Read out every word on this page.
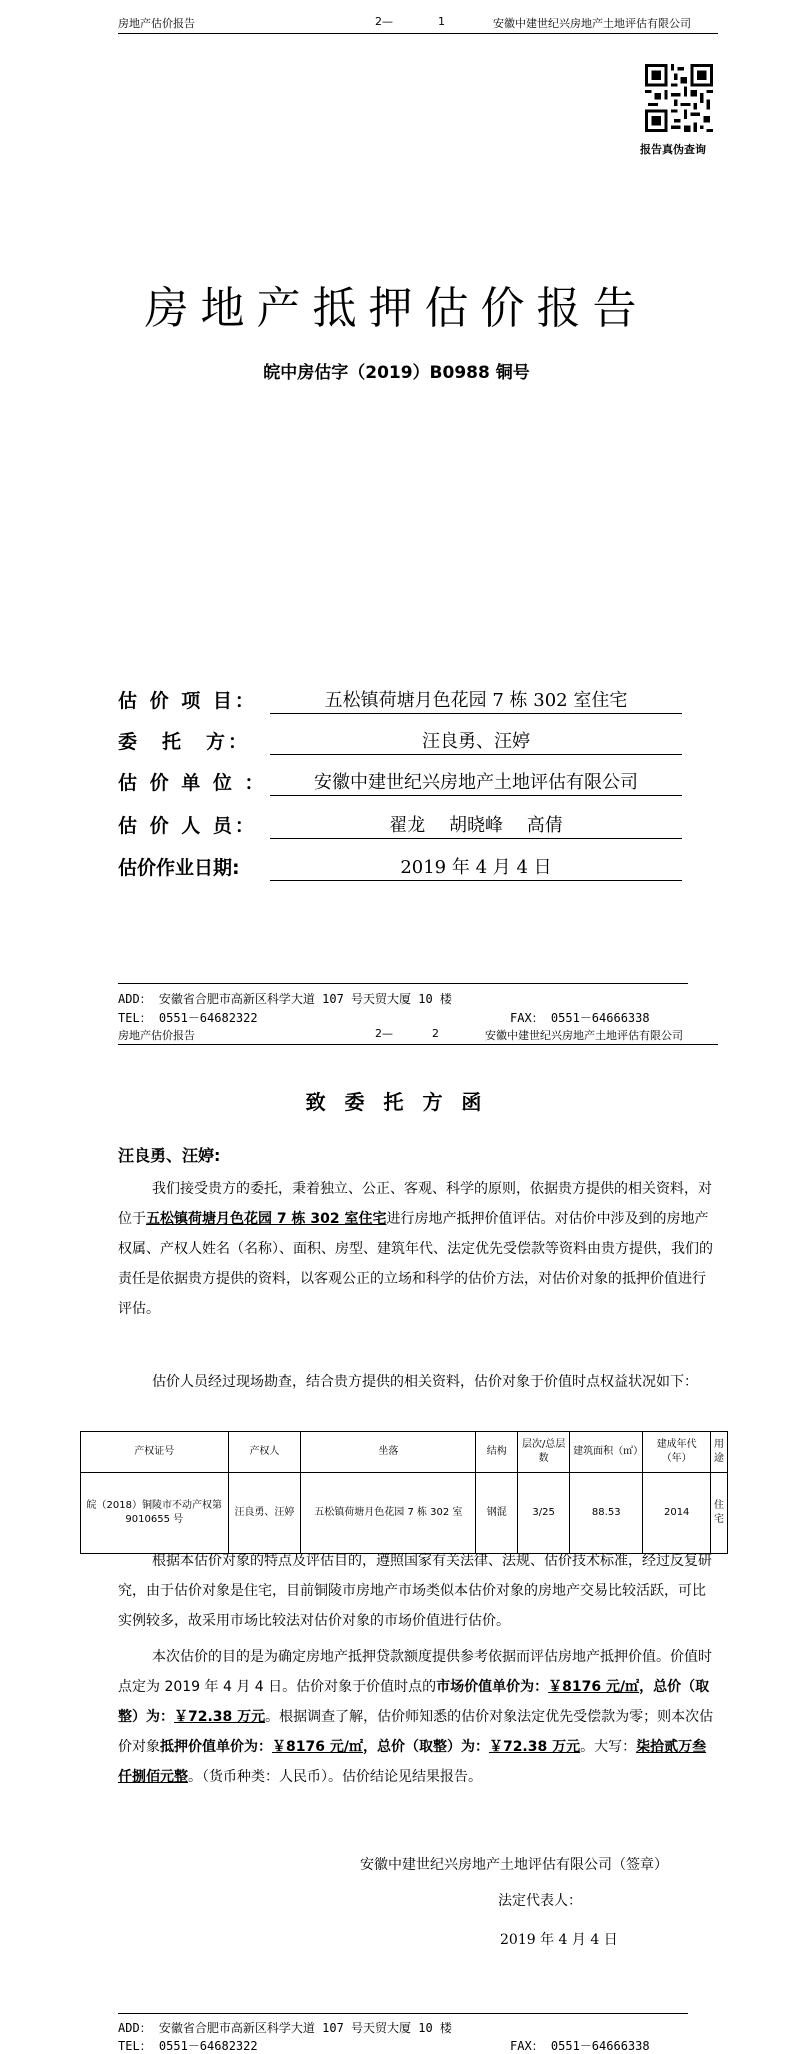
房地产估价报告	2—	1	安徽中建世纪兴房地产土地评估有限公司
报告真伪查询
房地产抵押估价报告
皖中房估字（2019）B0988 铜号
估 价 项 目：	五松镇荷塘月色花园 7 栋 302 室住宅
委　托　方：	汪良勇、汪婷
估 价 单 位 ：	安徽中建世纪兴房地产土地评估有限公司
估 价 人 员：	翟龙　 胡晓峰　 高倩
估价作业日期:	2019 年 4 月 4 日
ADD： 安徽省合肥市高新区科学大道 107 号天贸大厦 10 楼
TEL： 0551－64682322	FAX： 0551－64666338
房地产估价报告	2—	2	安徽中建世纪兴房地产土地评估有限公司
致 委 托 方 函
汪良勇、汪婷:
我们接受贵方的委托，秉着独立、公正、客观、科学的原则，依据贵方提供的相关资料，对位于五松镇荷塘月色花园 7 栋 302 室住宅进行房地产抵押价值评估。对估价中涉及到的房地产权属、产权人姓名（名称）、面积、房型、建筑年代、法定优先受偿款等资料由贵方提供，我们的责任是依据贵方提供的资料，以客观公正的立场和科学的估价方法，对估价对象的抵押价值进行评估。
估价人员经过现场勘查，结合贵方提供的相关资料，估价对象于价值时点权益状况如下：
产权证号	产权人	坐落	结构	层次/总层数	建筑面积（㎡）	建成年代（年）	用途
皖（2018）铜陵市不动产权第 9010655 号	汪良勇、汪婷	五松镇荷塘月色花园 7 栋 302 室	钢混	3/25	88.53	2014	住宅
根据本估价对象的特点及评估目的，遵照国家有关法律、法规、估价技术标准，经过反复研究，由于估价对象是住宅，目前铜陵市房地产市场类似本估价对象的房地产交易比较活跃，可比实例较多，故采用市场比较法对估价对象的市场价值进行估价。
本次估价的目的是为确定房地产抵押贷款额度提供参考依据而评估房地产抵押价值。价值时点定为 2019 年 4 月 4 日。估价对象于价值时点的市场价值单价为：￥8176 元/㎡，总价（取整）为：￥72.38 万元。根据调查了解，估价师知悉的估价对象法定优先受偿款为零；则本次估价对象抵押价值单价为：￥8176 元/㎡，总价（取整）为：￥72.38 万元。大写：柒拾贰万叁仟捌佰元整。（货币种类：人民币）。估价结论见结果报告。
安徽中建世纪兴房地产土地评估有限公司（签章）
法定代表人：
2019 年 4 月 4 日
ADD： 安徽省合肥市高新区科学大道 107 号天贸大厦 10 楼
TEL： 0551－64682322	FAX： 0551－64666338
